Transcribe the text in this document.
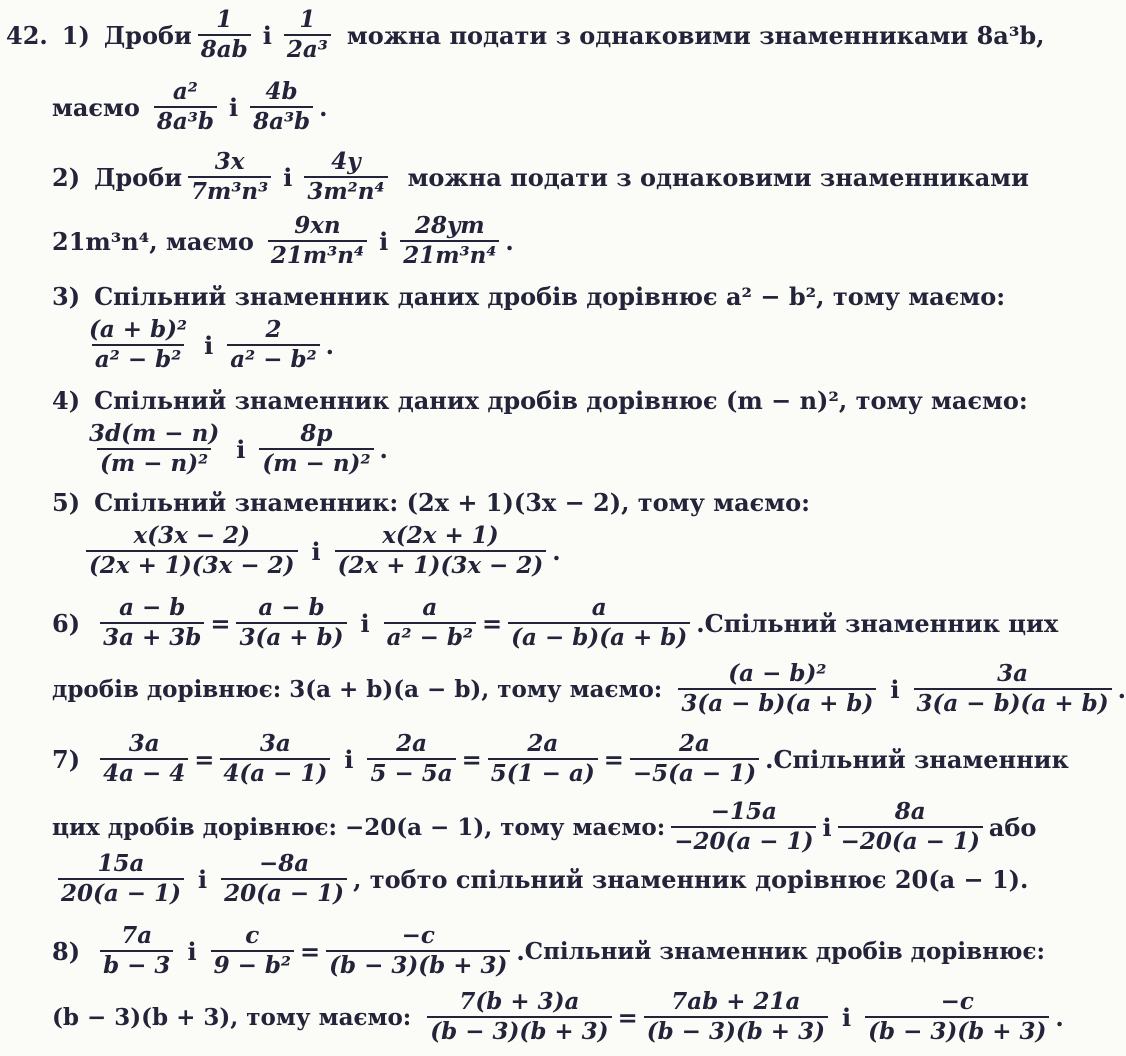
42. 1) Дроби $\frac{1}{8ab}$ і $\frac{1}{\text{2a³}}$ можна подати з однаковими знаменниками 8a³b,
маємо $\frac{\text{a²}}{\text{8a³b}}$ і $\frac{4b}{\text{8a³b}}$ .
2) Дроби $\frac{3x}{\text{7m³n³}}$ і $\frac{4y}{\text{3m²n⁴}}$ можна подати з однаковими знаменниками
21m³n⁴, маємо $\frac{9xn}{\text{21m³n⁴}}$ і $\frac{28ym}{\text{21m³n⁴}}$ .
3) Спільний знаменник даних дробів дорівнює a² − b², тому маємо:
$\frac{\text{(a + b)²}}{\text{a² − b²}}$ і $\frac{2}{\text{a² − b²}}$ .
4) Спільний знаменник даних дробів дорівнює (m − n)², тому маємо:
$\frac{3d(m - n)}{\text{(m − n)²}}$ і $\frac{8p}{\text{(m − n)²}}$ .
5) Спільний знаменник: (2x + 1)(3x − 2), тому маємо:
$\frac{x(3x - 2)}{(2x + 1)(3x - 2)}$ і $\frac{x(2x + 1)}{(2x + 1)(3x - 2)}$ .
$6) \frac{a - b}{3a + 3b} = \frac{a - b}{3(a + b)}$ і $\frac{a}{\text{a² − b²}} = \frac{a}{(a - b)(a + b)}$ . Спільний знаменник цих
дробів дорівнює: 3(a + b)(a − b), тому маємо: $\frac{\text{(a − b)²}}{3(a - b)(a + b)}$ і $\frac{3a}{3(a - b)(a + b)}$ .
$7) \frac{3a}{4a - 4} = \frac{3a}{4(a - 1)}$ і $\frac{2a}{5 - 5a} = \frac{2a}{5(1 - a)} = \frac{2a}{-5(a - 1)}$ . Спільний знаменник
цих дробів дорівнює: −20(a − 1), тому маємо: $\frac{-15a}{-20(a - 1)}$ і $\frac{8a}{-20(a - 1)}$ або
$\frac{15a}{20(a - 1)}$ і $\frac{-8a}{20(a - 1)}$ , тобто спільний знаменник дорівнює 20(a − 1).
$8) \frac{7a}{b - 3}$ і $\frac{c}{\text{9 − b²}} = \frac{-c}{(b - 3)(b + 3)}$ . Спільний знаменник дробів дорівнює:
(b − 3)(b + 3), тому маємо: $\frac{7(b + 3)a}{(b - 3)(b + 3)} = \frac{7ab + 21a}{(b - 3)(b + 3)}$ і $\frac{-c}{(b - 3)(b + 3)}$ .
